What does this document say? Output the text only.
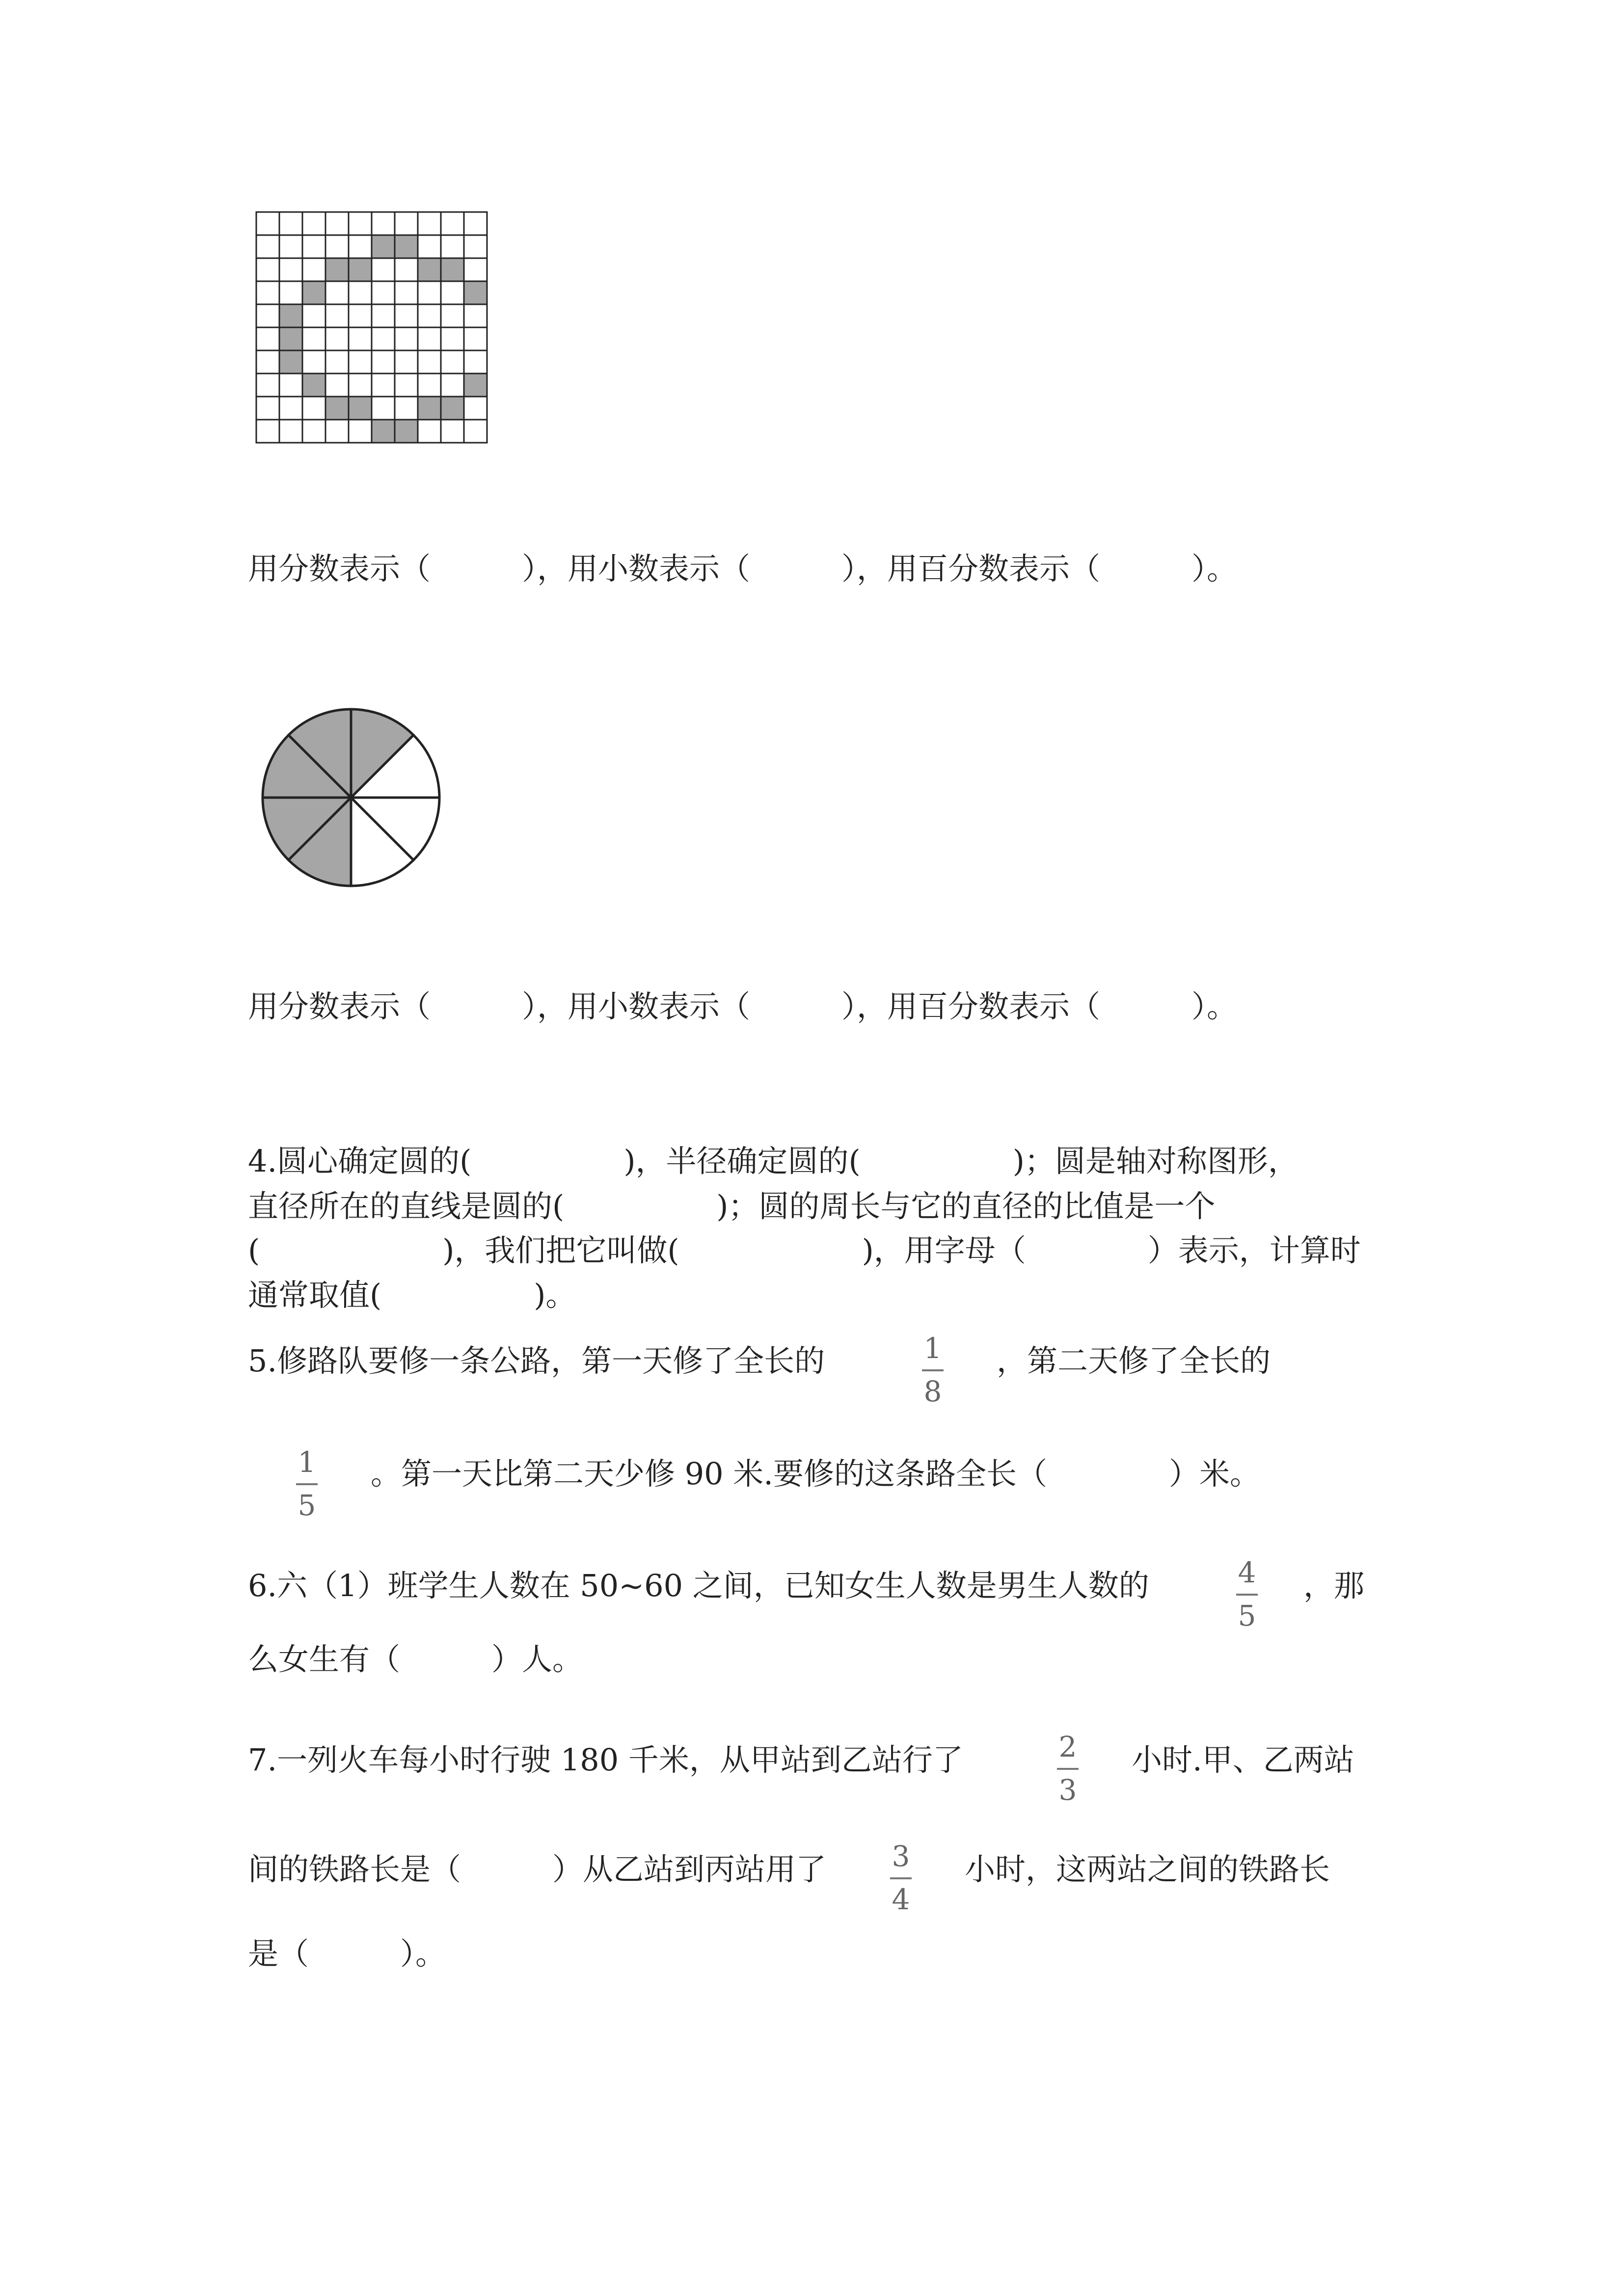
用分数表示（　　　），用小数表示（　　　），用百分数表示（　　　）。
用分数表示（　　　），用小数表示（　　　），用百分数表示（　　　）。
4.圆心确定圆的(　　　　　)，半径确定圆的(　　　　　)；圆是轴对称图形，
直径所在的直线是圆的(　　　　　)；圆的周长与它的直径的比值是一个
(　　　　　　)，我们把它叫做(　　　　　　)，用字母（　　　　）表示，计算时
通常取值(　　　　　)。
5.修路队要修一条公路，第一天修了全长的	1
8
，第二天修了全长的
1
5
。第一天比第二天少修 90 米.要修的这条路全长（　　　　）米。
6.六（1）班学生人数在 50~60 之间，已知女生人数是男生人数的	4
5
，那
么女生有（　　　）人。
7.一列火车每小时行驶 180 千米，从甲站到乙站行了	2
3
小时.甲、乙两站
间的铁路长是（　　　）从乙站到丙站用了	3
4
小时，这两站之间的铁路长
是（　　　）。
